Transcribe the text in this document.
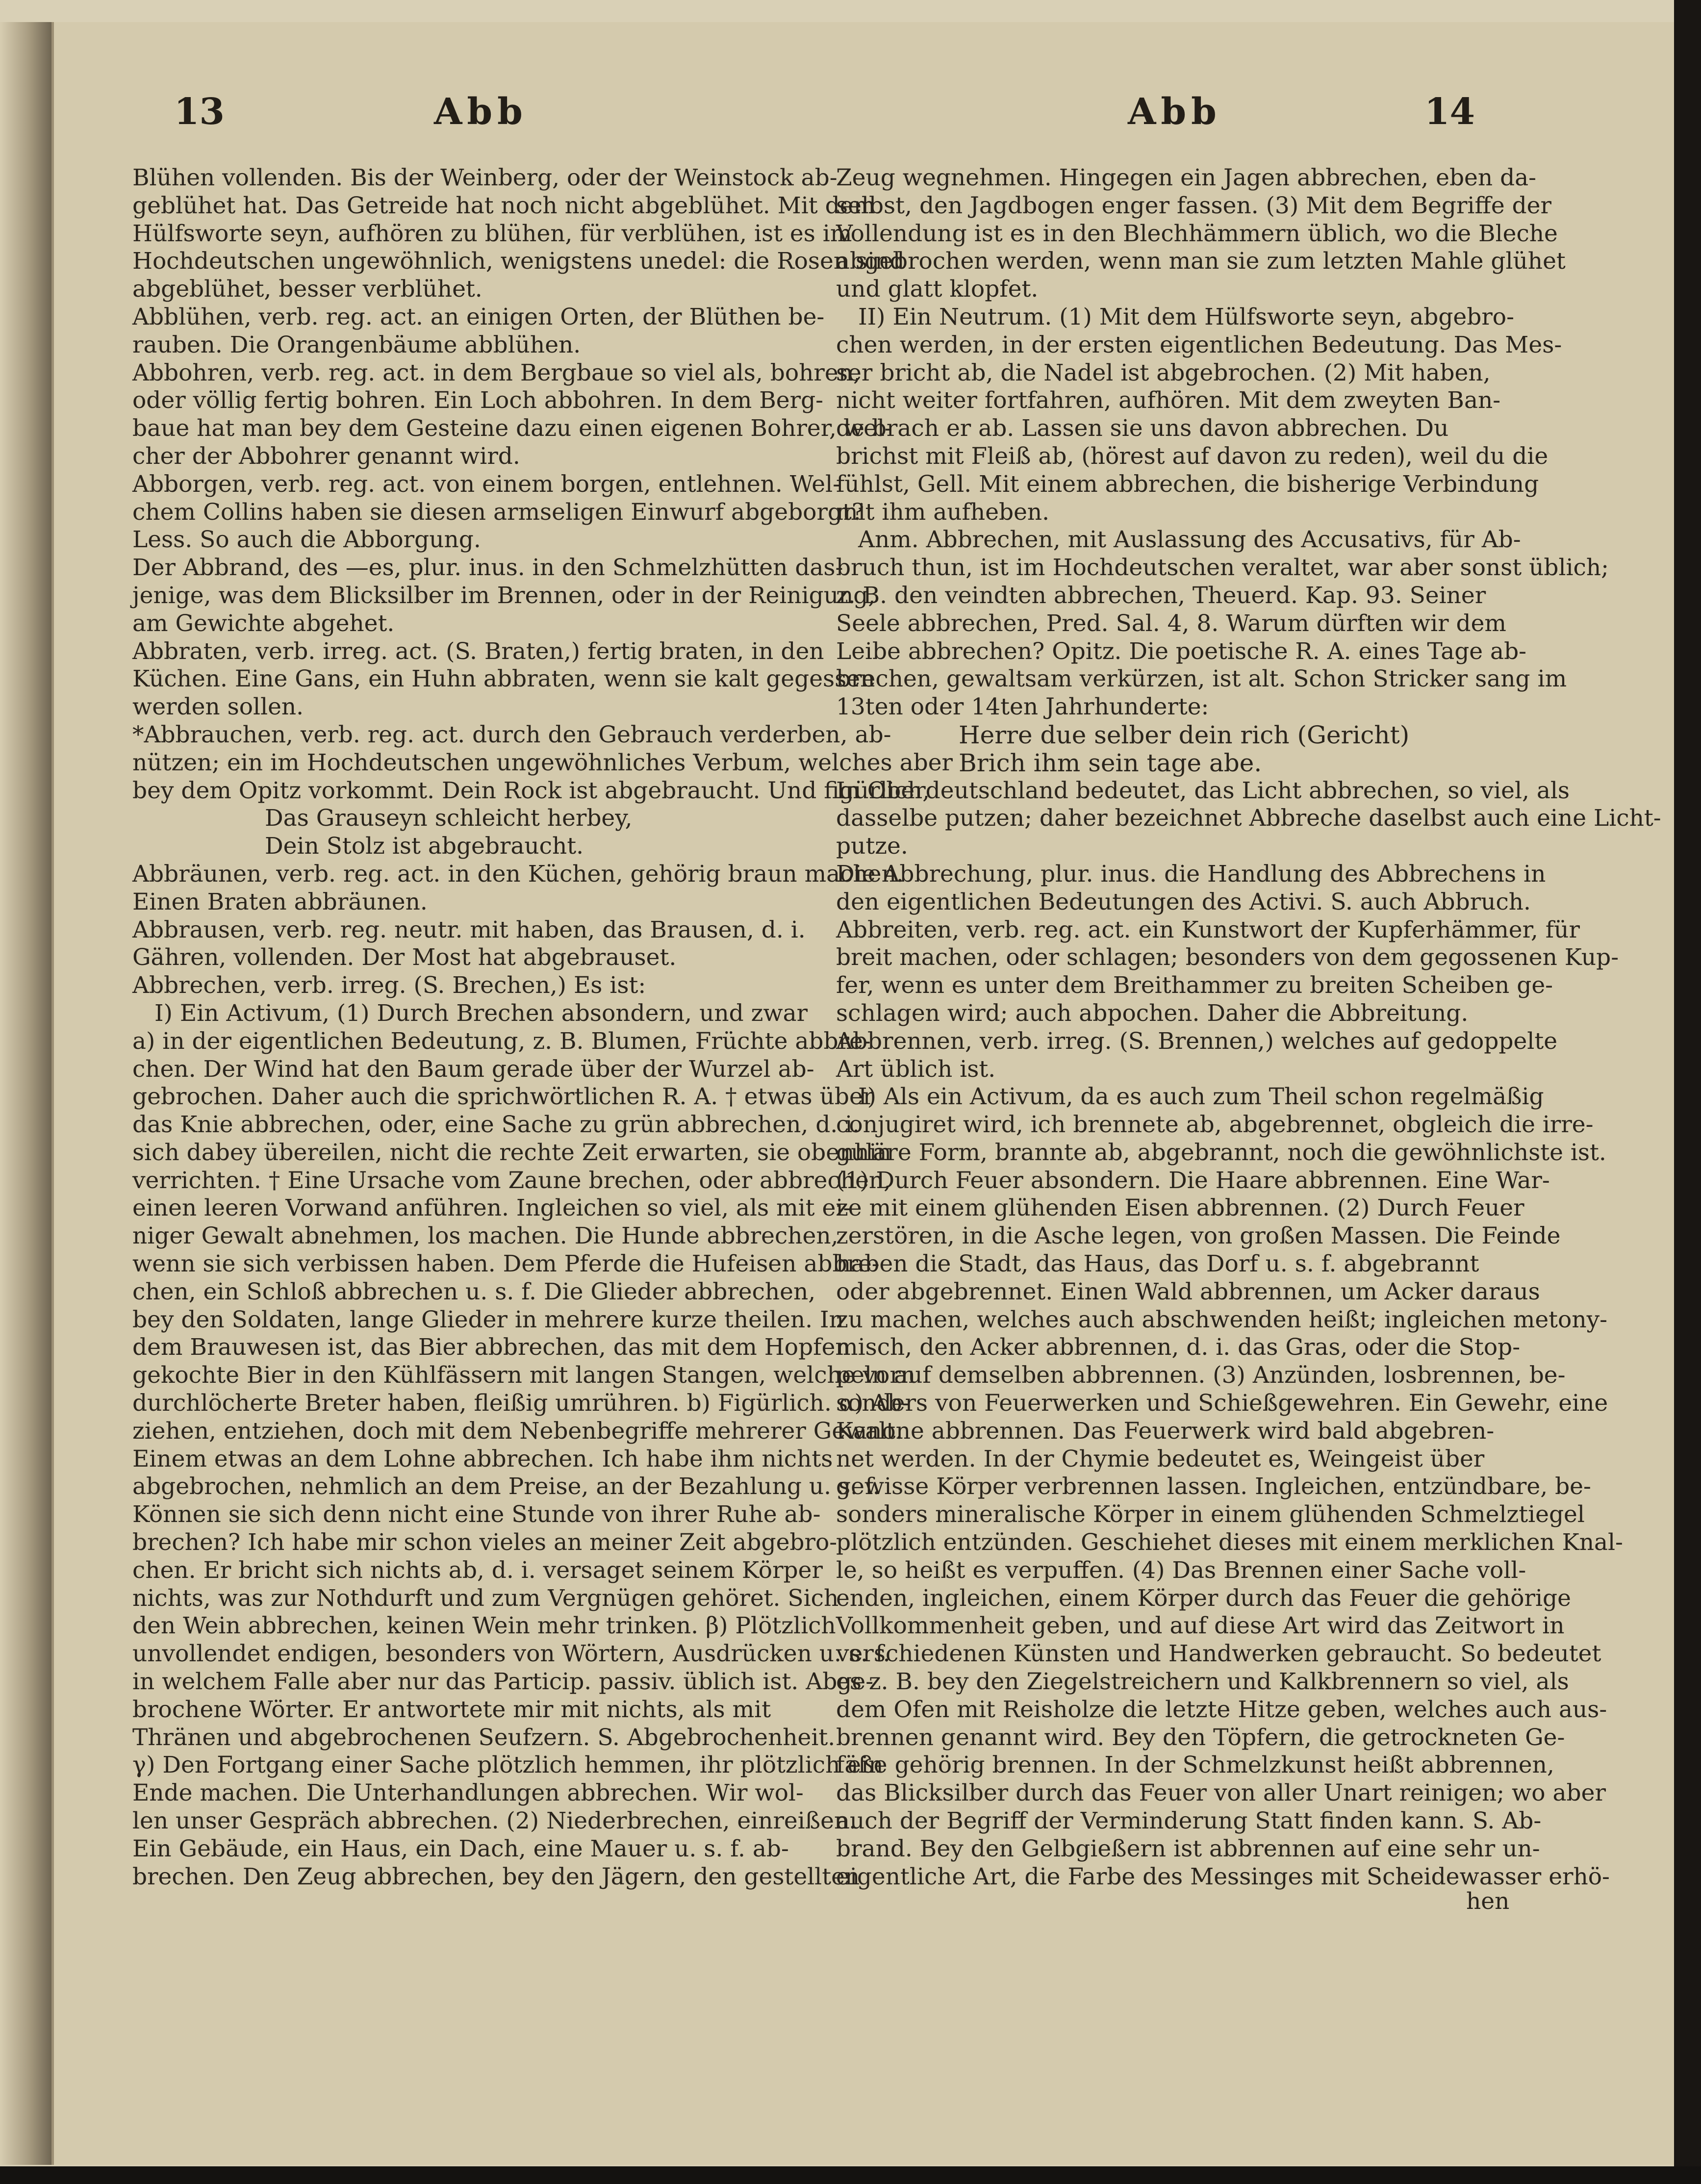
13	Abb	Abb	14
Blühen vollenden. Bis der Weinberg, oder der Weinstock ab-
geblühet hat. Das Getreide hat noch nicht abgeblühet. Mit dem
Hülfsworte seyn, aufhören zu blühen, für verblühen, ist es im
Hochdeutschen ungewöhnlich, wenigstens unedel: die Rosen sind
abgeblühet, besser verblühet.
Abblühen, verb. reg. act. an einigen Orten, der Blüthen be-
rauben. Die Orangenbäume abblühen.
Abbohren, verb. reg. act. in dem Bergbaue so viel als, bohren,
oder völlig fertig bohren. Ein Loch abbohren. In dem Berg-
baue hat man bey dem Gesteine dazu einen eigenen Bohrer, wel-
cher der Abbohrer genannt wird.
Abborgen, verb. reg. act. von einem borgen, entlehnen. Wel-
chem Collins haben sie diesen armseligen Einwurf abgeborgt?
Less. So auch die Abborgung.
Der Abbrand, des —es, plur. inus. in den Schmelzhütten das-
jenige, was dem Blicksilber im Brennen, oder in der Reinigung,
am Gewichte abgehet.
Abbraten, verb. irreg. act. (S. Braten,) fertig braten, in den
Küchen. Eine Gans, ein Huhn abbraten, wenn sie kalt gegessen
werden sollen.
*Abbrauchen, verb. reg. act. durch den Gebrauch verderben, ab-
nützen; ein im Hochdeutschen ungewöhnliches Verbum, welches aber
bey dem Opitz vorkommt. Dein Rock ist abgebraucht. Und figürlich,
Das Grauseyn schleicht herbey,
Dein Stolz ist abgebraucht.
Abbräunen, verb. reg. act. in den Küchen, gehörig braun machen.
Einen Braten abbräunen.
Abbrausen, verb. reg. neutr. mit haben, das Brausen, d. i.
Gähren, vollenden. Der Most hat abgebrauset.
Abbrechen, verb. irreg. (S. Brechen,) Es ist:
I) Ein Activum, (1) Durch Brechen absondern, und zwar
a) in der eigentlichen Bedeutung, z. B. Blumen, Früchte abbre-
chen. Der Wind hat den Baum gerade über der Wurzel ab-
gebrochen. Daher auch die sprichwörtlichen R. A. † etwas über
das Knie abbrechen, oder, eine Sache zu grün abbrechen, d. i.
sich dabey übereilen, nicht die rechte Zeit erwarten, sie obenhin
verrichten. † Eine Ursache vom Zaune brechen, oder abbrechen,
einen leeren Vorwand anführen. Ingleichen so viel, als mit ei-
niger Gewalt abnehmen, los machen. Die Hunde abbrechen,
wenn sie sich verbissen haben. Dem Pferde die Hufeisen abbre-
chen, ein Schloß abbrechen u. s. f. Die Glieder abbrechen,
bey den Soldaten, lange Glieder in mehrere kurze theilen. In
dem Brauwesen ist, das Bier abbrechen, das mit dem Hopfen
gekochte Bier in den Kühlfässern mit langen Stangen, welche vorn
durchlöcherte Breter haben, fleißig umrühren. b) Figürlich. α) Ab-
ziehen, entziehen, doch mit dem Nebenbegriffe mehrerer Gewalt.
Einem etwas an dem Lohne abbrechen. Ich habe ihm nichts
abgebrochen, nehmlich an dem Preise, an der Bezahlung u. s. f.
Können sie sich denn nicht eine Stunde von ihrer Ruhe ab-
brechen? Ich habe mir schon vieles an meiner Zeit abgebro-
chen. Er bricht sich nichts ab, d. i. versaget seinem Körper
nichts, was zur Nothdurft und zum Vergnügen gehöret. Sich
den Wein abbrechen, keinen Wein mehr trinken. β) Plötzlich
unvollendet endigen, besonders von Wörtern, Ausdrücken u. s. f.
in welchem Falle aber nur das Particip. passiv. üblich ist. Abge-
brochene Wörter. Er antwortete mir mit nichts, als mit
Thränen und abgebrochenen Seufzern. S. Abgebrochenheit.
γ) Den Fortgang einer Sache plötzlich hemmen, ihr plötzlich ein
Ende machen. Die Unterhandlungen abbrechen. Wir wol-
len unser Gespräch abbrechen. (2) Niederbrechen, einreißen.
Ein Gebäude, ein Haus, ein Dach, eine Mauer u. s. f. ab-
brechen. Den Zeug abbrechen, bey den Jägern, den gestellten
Zeug wegnehmen. Hingegen ein Jagen abbrechen, eben da-
selbst, den Jagdbogen enger fassen. (3) Mit dem Begriffe der
Vollendung ist es in den Blechhämmern üblich, wo die Bleche
abgebrochen werden, wenn man sie zum letzten Mahle glühet
und glatt klopfet.
II) Ein Neutrum. (1) Mit dem Hülfsworte seyn, abgebro-
chen werden, in der ersten eigentlichen Bedeutung. Das Mes-
ser bricht ab, die Nadel ist abgebrochen. (2) Mit haben,
nicht weiter fortfahren, aufhören. Mit dem zweyten Ban-
de brach er ab. Lassen sie uns davon abbrechen. Du
brichst mit Fleiß ab, (hörest auf davon zu reden), weil du die
fühlst, Gell. Mit einem abbrechen, die bisherige Verbindung
mit ihm aufheben.
Anm. Abbrechen, mit Auslassung des Accusativs, für Ab-
bruch thun, ist im Hochdeutschen veraltet, war aber sonst üblich;
z. B. den veindten abbrechen, Theuerd. Kap. 93. Seiner
Seele abbrechen, Pred. Sal. 4, 8. Warum dürften wir dem
Leibe abbrechen? Opitz. Die poetische R. A. eines Tage ab-
brechen, gewaltsam verkürzen, ist alt. Schon Stricker sang im
13ten oder 14ten Jahrhunderte:
Herre due selber dein rich (Gericht)
Brich ihm sein tage abe.
In Oberdeutschland bedeutet, das Licht abbrechen, so viel, als
dasselbe putzen; daher bezeichnet Abbreche daselbst auch eine Licht-
putze.
Die Abbrechung, plur. inus. die Handlung des Abbrechens in
den eigentlichen Bedeutungen des Activi. S. auch Abbruch.
Abbreiten, verb. reg. act. ein Kunstwort der Kupferhämmer, für
breit machen, oder schlagen; besonders von dem gegossenen Kup-
fer, wenn es unter dem Breithammer zu breiten Scheiben ge-
schlagen wird; auch abpochen. Daher die Abbreitung.
Abbrennen, verb. irreg. (S. Brennen,) welches auf gedoppelte
Art üblich ist.
I) Als ein Activum, da es auch zum Theil schon regelmäßig
conjugiret wird, ich brennete ab, abgebrennet, obgleich die irre-
guläre Form, brannte ab, abgebrannt, noch die gewöhnlichste ist.
(1) Durch Feuer absondern. Die Haare abbrennen. Eine War-
ze mit einem glühenden Eisen abbrennen. (2) Durch Feuer
zerstören, in die Asche legen, von großen Massen. Die Feinde
haben die Stadt, das Haus, das Dorf u. s. f. abgebrannt
oder abgebrennet. Einen Wald abbrennen, um Acker daraus
zu machen, welches auch abschwenden heißt; ingleichen metony-
misch, den Acker abbrennen, d. i. das Gras, oder die Stop-
peln auf demselben abbrennen. (3) Anzünden, losbrennen, be-
sonders von Feuerwerken und Schießgewehren. Ein Gewehr, eine
Kanone abbrennen. Das Feuerwerk wird bald abgebren-
net werden. In der Chymie bedeutet es, Weingeist über
gewisse Körper verbrennen lassen. Ingleichen, entzündbare, be-
sonders mineralische Körper in einem glühenden Schmelztiegel
plötzlich entzünden. Geschiehet dieses mit einem merklichen Knal-
le, so heißt es verpuffen. (4) Das Brennen einer Sache voll-
enden, ingleichen, einem Körper durch das Feuer die gehörige
Vollkommenheit geben, und auf diese Art wird das Zeitwort in
verschiedenen Künsten und Handwerken gebraucht. So bedeutet
es z. B. bey den Ziegelstreichern und Kalkbrennern so viel, als
dem Ofen mit Reisholze die letzte Hitze geben, welches auch aus-
brennen genannt wird. Bey den Töpfern, die getrockneten Ge-
fäße gehörig brennen. In der Schmelzkunst heißt abbrennen,
das Blicksilber durch das Feuer von aller Unart reinigen; wo aber
auch der Begriff der Verminderung Statt finden kann. S. Ab-
brand. Bey den Gelbgießern ist abbrennen auf eine sehr un-
eigentliche Art, die Farbe des Messinges mit Scheidewasser erhö-
hen
